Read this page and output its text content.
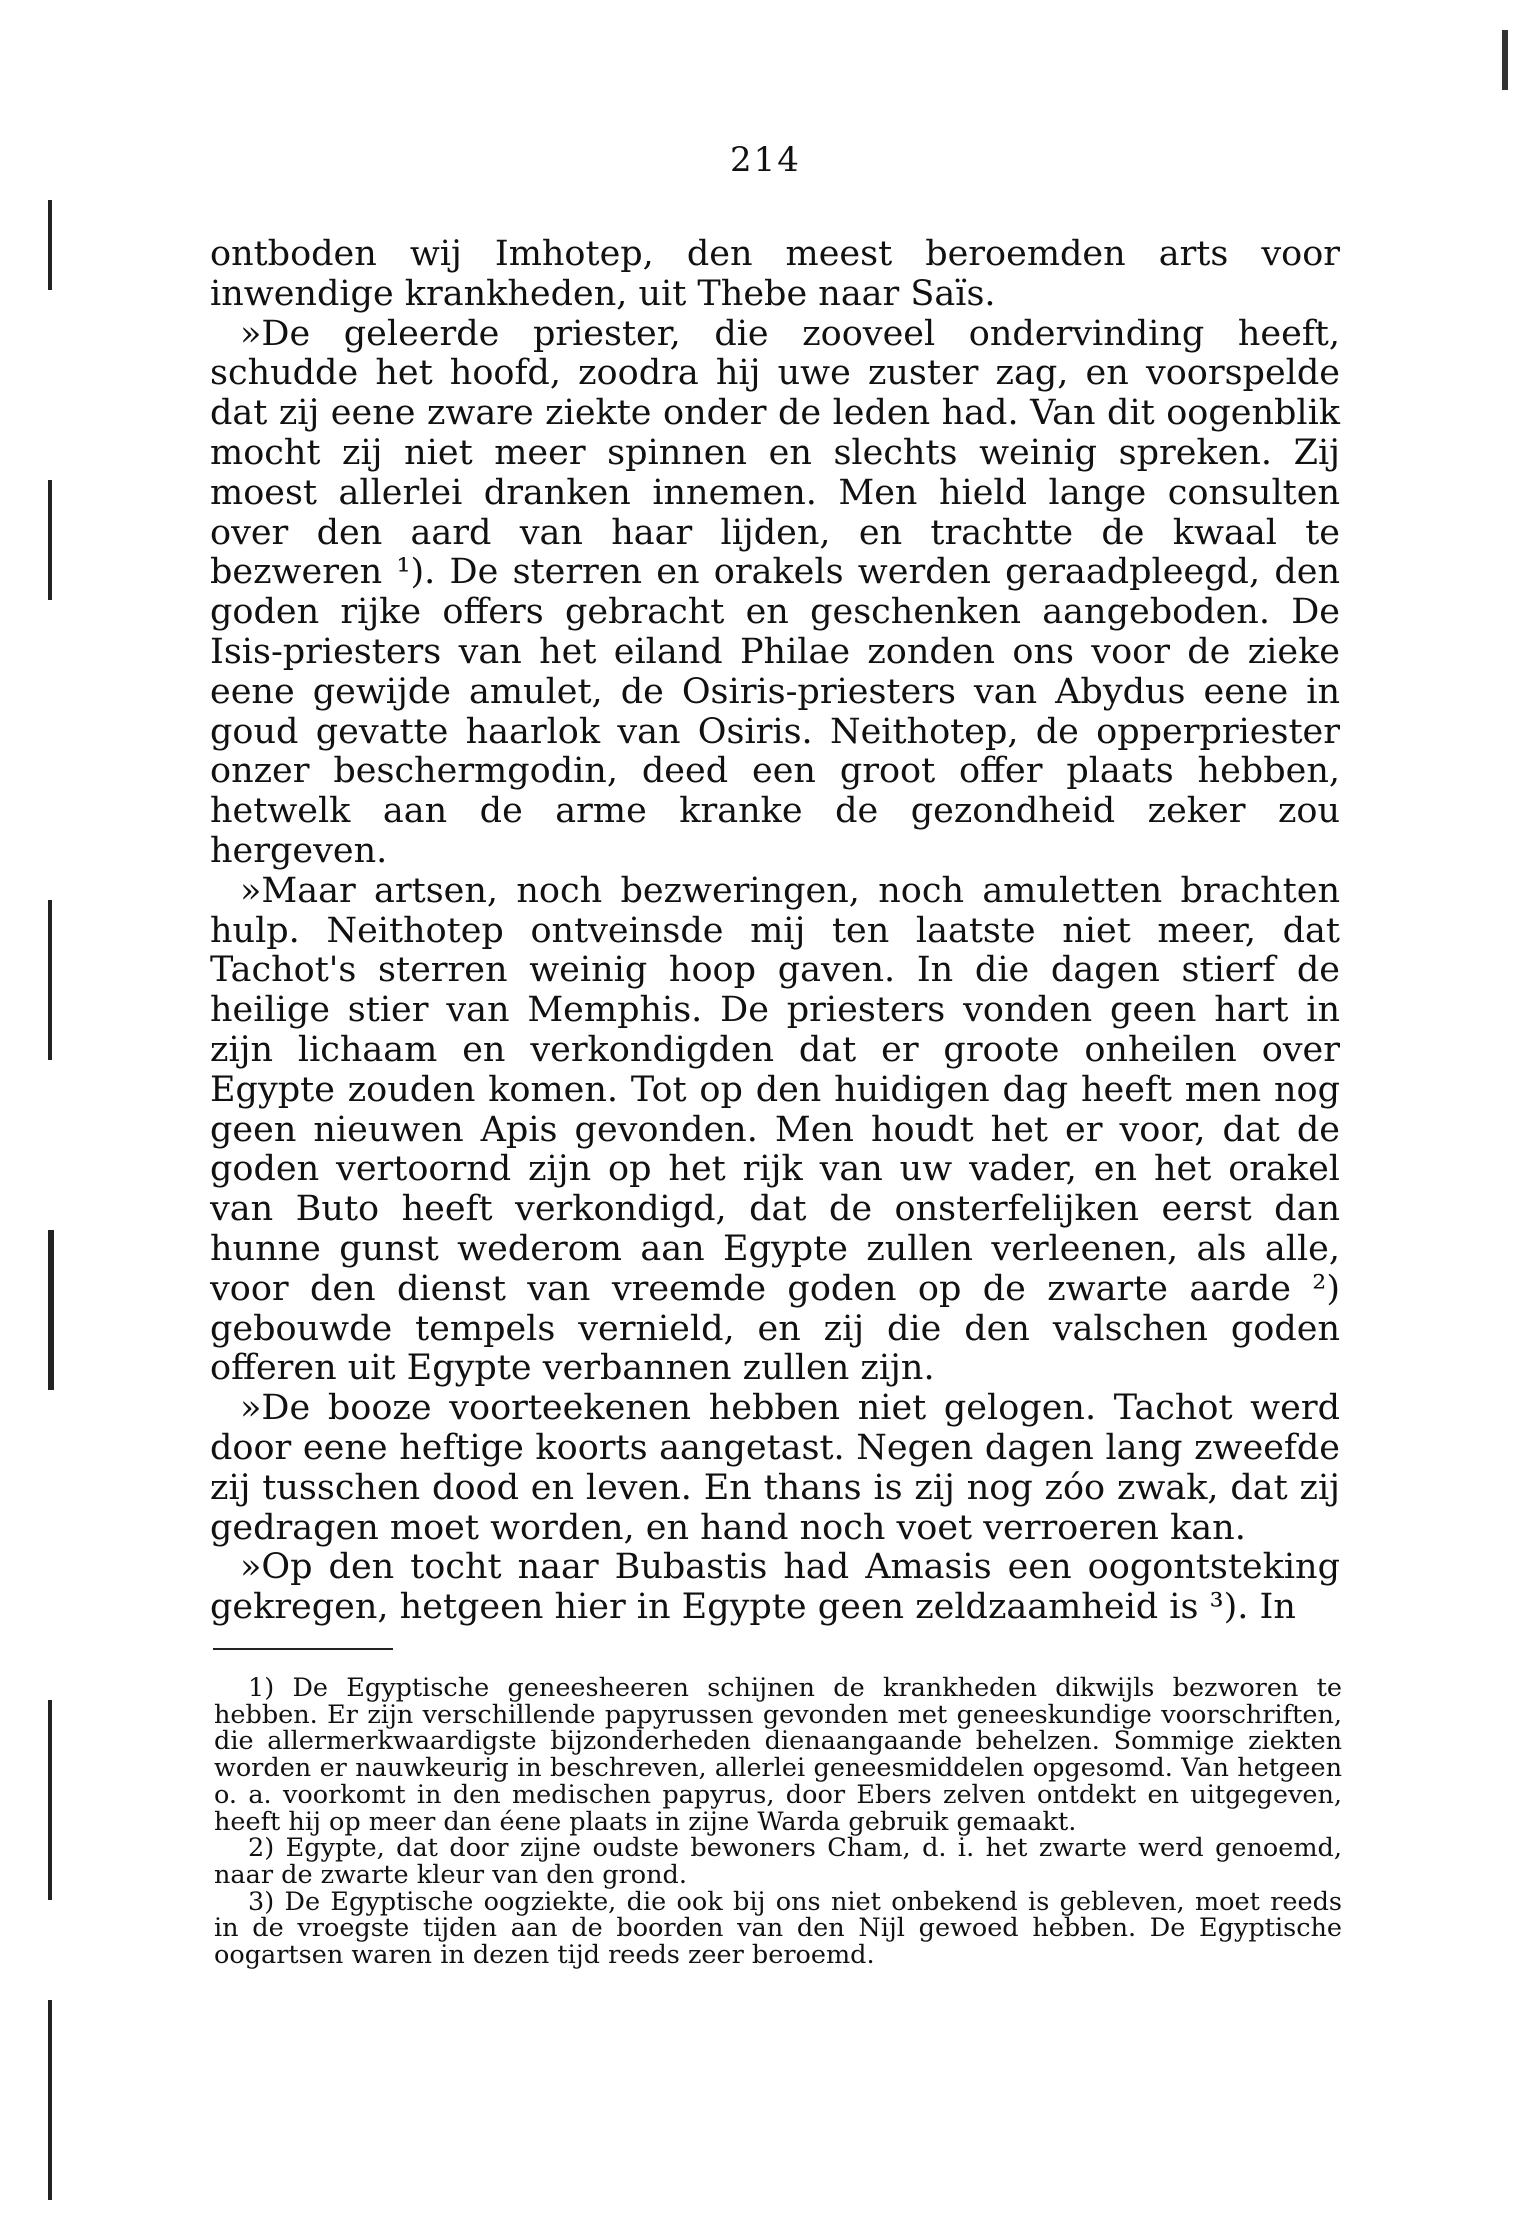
214

ontboden wij Imhotep, den meest beroemden arts voor inwendige krankheden, uit Thebe naar Saïs.

»De geleerde priester, die zooveel ondervinding heeft, schudde het hoofd, zoodra hij uwe zuster zag, en voorspelde dat zij eene zware ziekte onder de leden had. Van dit oogenblik mocht zij niet meer spinnen en slechts weinig spreken. Zij moest allerlei dranken innemen. Men hield lange consulten over den aard van haar lijden, en trachtte de kwaal te bezweren ¹). De sterren en orakels werden geraadpleegd, den goden rijke offers gebracht en geschenken aangeboden. De Isis-priesters van het eiland Philae zonden ons voor de zieke eene gewijde amulet, de Osiris-priesters van Abydus eene in goud gevatte haarlok van Osiris. Neithotep, de opperpriester onzer beschermgodin, deed een groot offer plaats hebben, hetwelk aan de arme kranke de gezondheid zeker zou hergeven.

»Maar artsen, noch bezweringen, noch amuletten brachten hulp. Neithotep ontveinsde mij ten laatste niet meer, dat Tachot's sterren weinig hoop gaven. In die dagen stierf de heilige stier van Memphis. De priesters vonden geen hart in zijn lichaam en verkondigden dat er groote onheilen over Egypte zouden komen. Tot op den huidigen dag heeft men nog geen nieuwen Apis gevonden. Men houdt het er voor, dat de goden vertoornd zijn op het rijk van uw vader, en het orakel van Buto heeft verkondigd, dat de onsterfelijken eerst dan hunne gunst wederom aan Egypte zullen verleenen, als alle, voor den dienst van vreemde goden op de zwarte aarde ²) gebouwde tempels vernield, en zij die den valschen goden offeren uit Egypte verbannen zullen zijn.

»De booze voorteekenen hebben niet gelogen. Tachot werd door eene heftige koorts aangetast. Negen dagen lang zweefde zij tusschen dood en leven. En thans is zij nog zóo zwak, dat zij gedragen moet worden, en hand noch voet verroeren kan.

»Op den tocht naar Bubastis had Amasis een oogontsteking gekregen, hetgeen hier in Egypte geen zeldzaamheid is ³). In

1) De Egyptische geneesheeren schijnen de krankheden dikwijls bezworen te hebben. Er zijn verschillende papyrussen gevonden met geneeskundige voorschriften, die allermerkwaardigste bijzonderheden dienaangaande behelzen. Sommige ziekten worden er nauwkeurig in beschreven, allerlei geneesmiddelen opgesomd. Van hetgeen o. a. voorkomt in den medischen papyrus, door Ebers zelven ontdekt en uitgegeven, heeft hij op meer dan éene plaats in zijne Warda gebruik gemaakt.

2) Egypte, dat door zijne oudste bewoners Cham, d. i. het zwarte werd genoemd, naar de zwarte kleur van den grond.

3) De Egyptische oogziekte, die ook bij ons niet onbekend is gebleven, moet reeds in de vroegste tijden aan de boorden van den Nijl gewoed hebben. De Egyptische oogartsen waren in dezen tijd reeds zeer beroemd.
